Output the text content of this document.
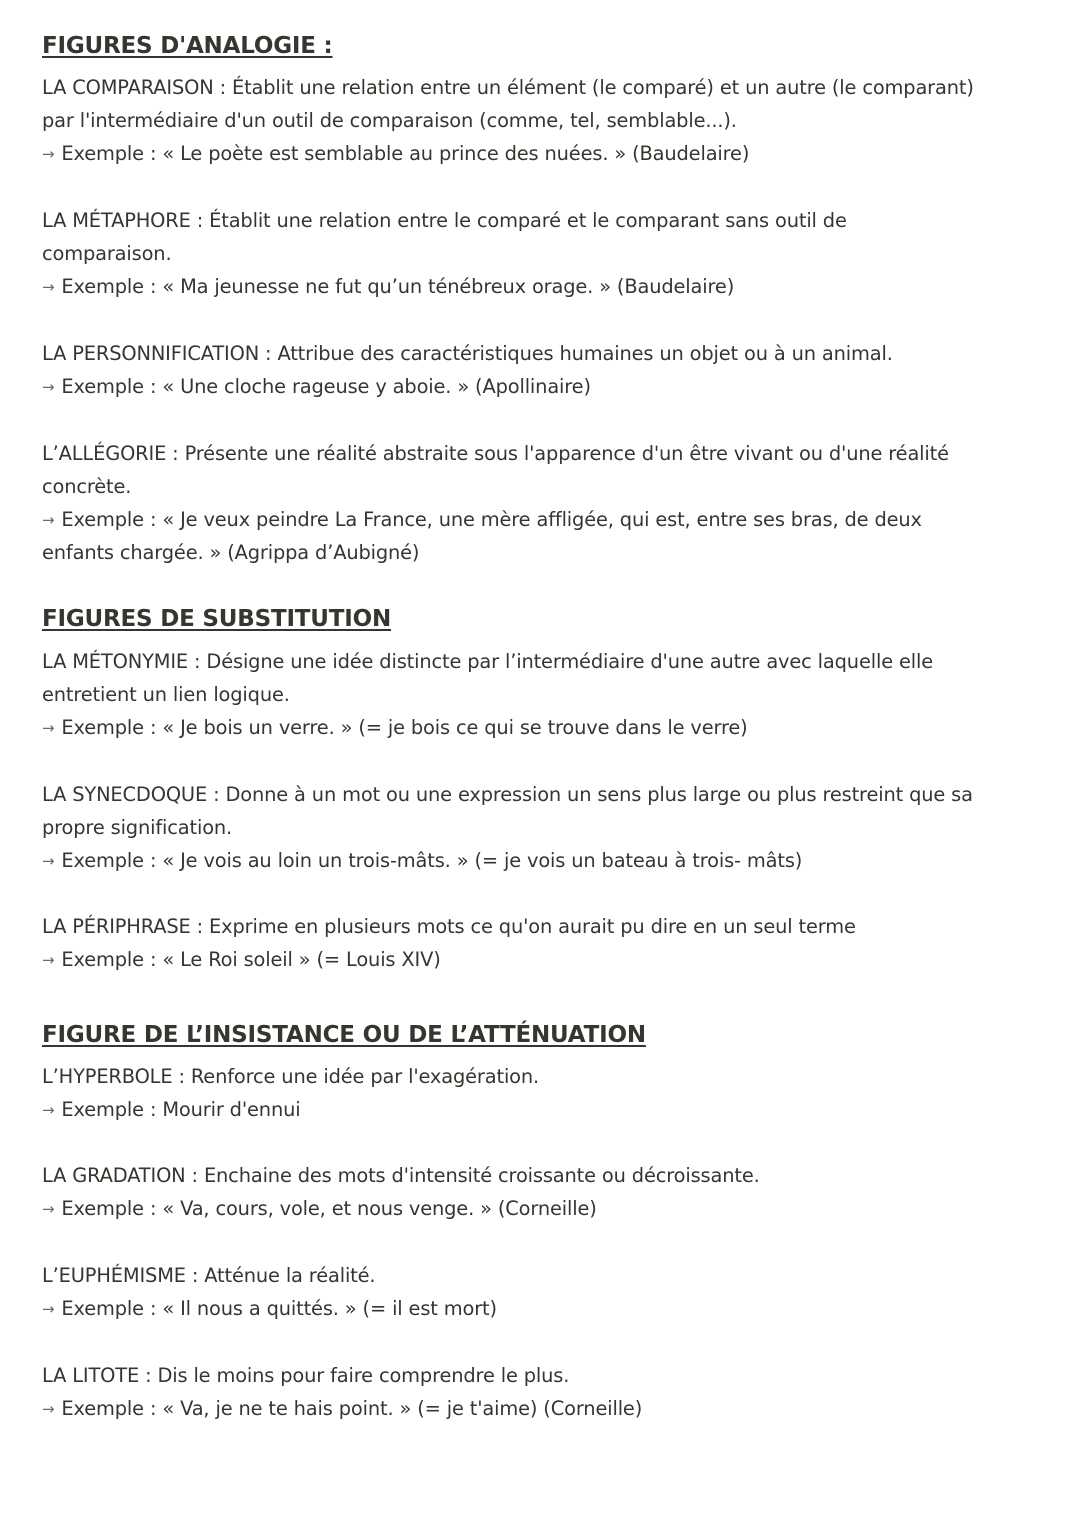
FIGURES D'ANALOGIE :
LA COMPARAISON : Établit une relation entre un élément (le comparé) et un autre (le comparant)
par l'intermédiaire d'un outil de comparaison (comme, tel, semblable...).
→ Exemple : « Le poète est semblable au prince des nuées. » (Baudelaire)
LA MÉTAPHORE : Établit une relation entre le comparé et le comparant sans outil de
comparaison.
→ Exemple : « Ma jeunesse ne fut qu’un ténébreux orage. » (Baudelaire)
LA PERSONNIFICATION : Attribue des caractéristiques humaines un objet ou à un animal.
→ Exemple : « Une cloche rageuse y aboie. » (Apollinaire)
L’ALLÉGORIE : Présente une réalité abstraite sous l'apparence d'un être vivant ou d'une réalité
concrète.
→ Exemple : « Je veux peindre La France, une mère affligée, qui est, entre ses bras, de deux
enfants chargée. » (Agrippa d’Aubigné)
FIGURES DE SUBSTITUTION
LA MÉTONYMIE : Désigne une idée distincte par l’intermédiaire d'une autre avec laquelle elle
entretient un lien logique.
→ Exemple : « Je bois un verre. » (= je bois ce qui se trouve dans le verre)
LA SYNECDOQUE : Donne à un mot ou une expression un sens plus large ou plus restreint que sa
propre signification.
→ Exemple : « Je vois au loin un trois-mâts. » (= je vois un bateau à trois- mâts)
LA PÉRIPHRASE : Exprime en plusieurs mots ce qu'on aurait pu dire en un seul terme
→ Exemple : « Le Roi soleil » (= Louis XIV)
FIGURE DE L’INSISTANCE OU DE L’ATTÉNUATION
L’HYPERBOLE : Renforce une idée par l'exagération.
→ Exemple : Mourir d'ennui
LA GRADATION : Enchaine des mots d'intensité croissante ou décroissante.
→ Exemple : « Va, cours, vole, et nous venge. » (Corneille)
L’EUPHÉMISME : Atténue la réalité.
→ Exemple : « Il nous a quittés. » (= il est mort)
LA LITOTE : Dis le moins pour faire comprendre le plus.
→ Exemple : « Va, je ne te hais point. » (= je t'aime) (Corneille)
